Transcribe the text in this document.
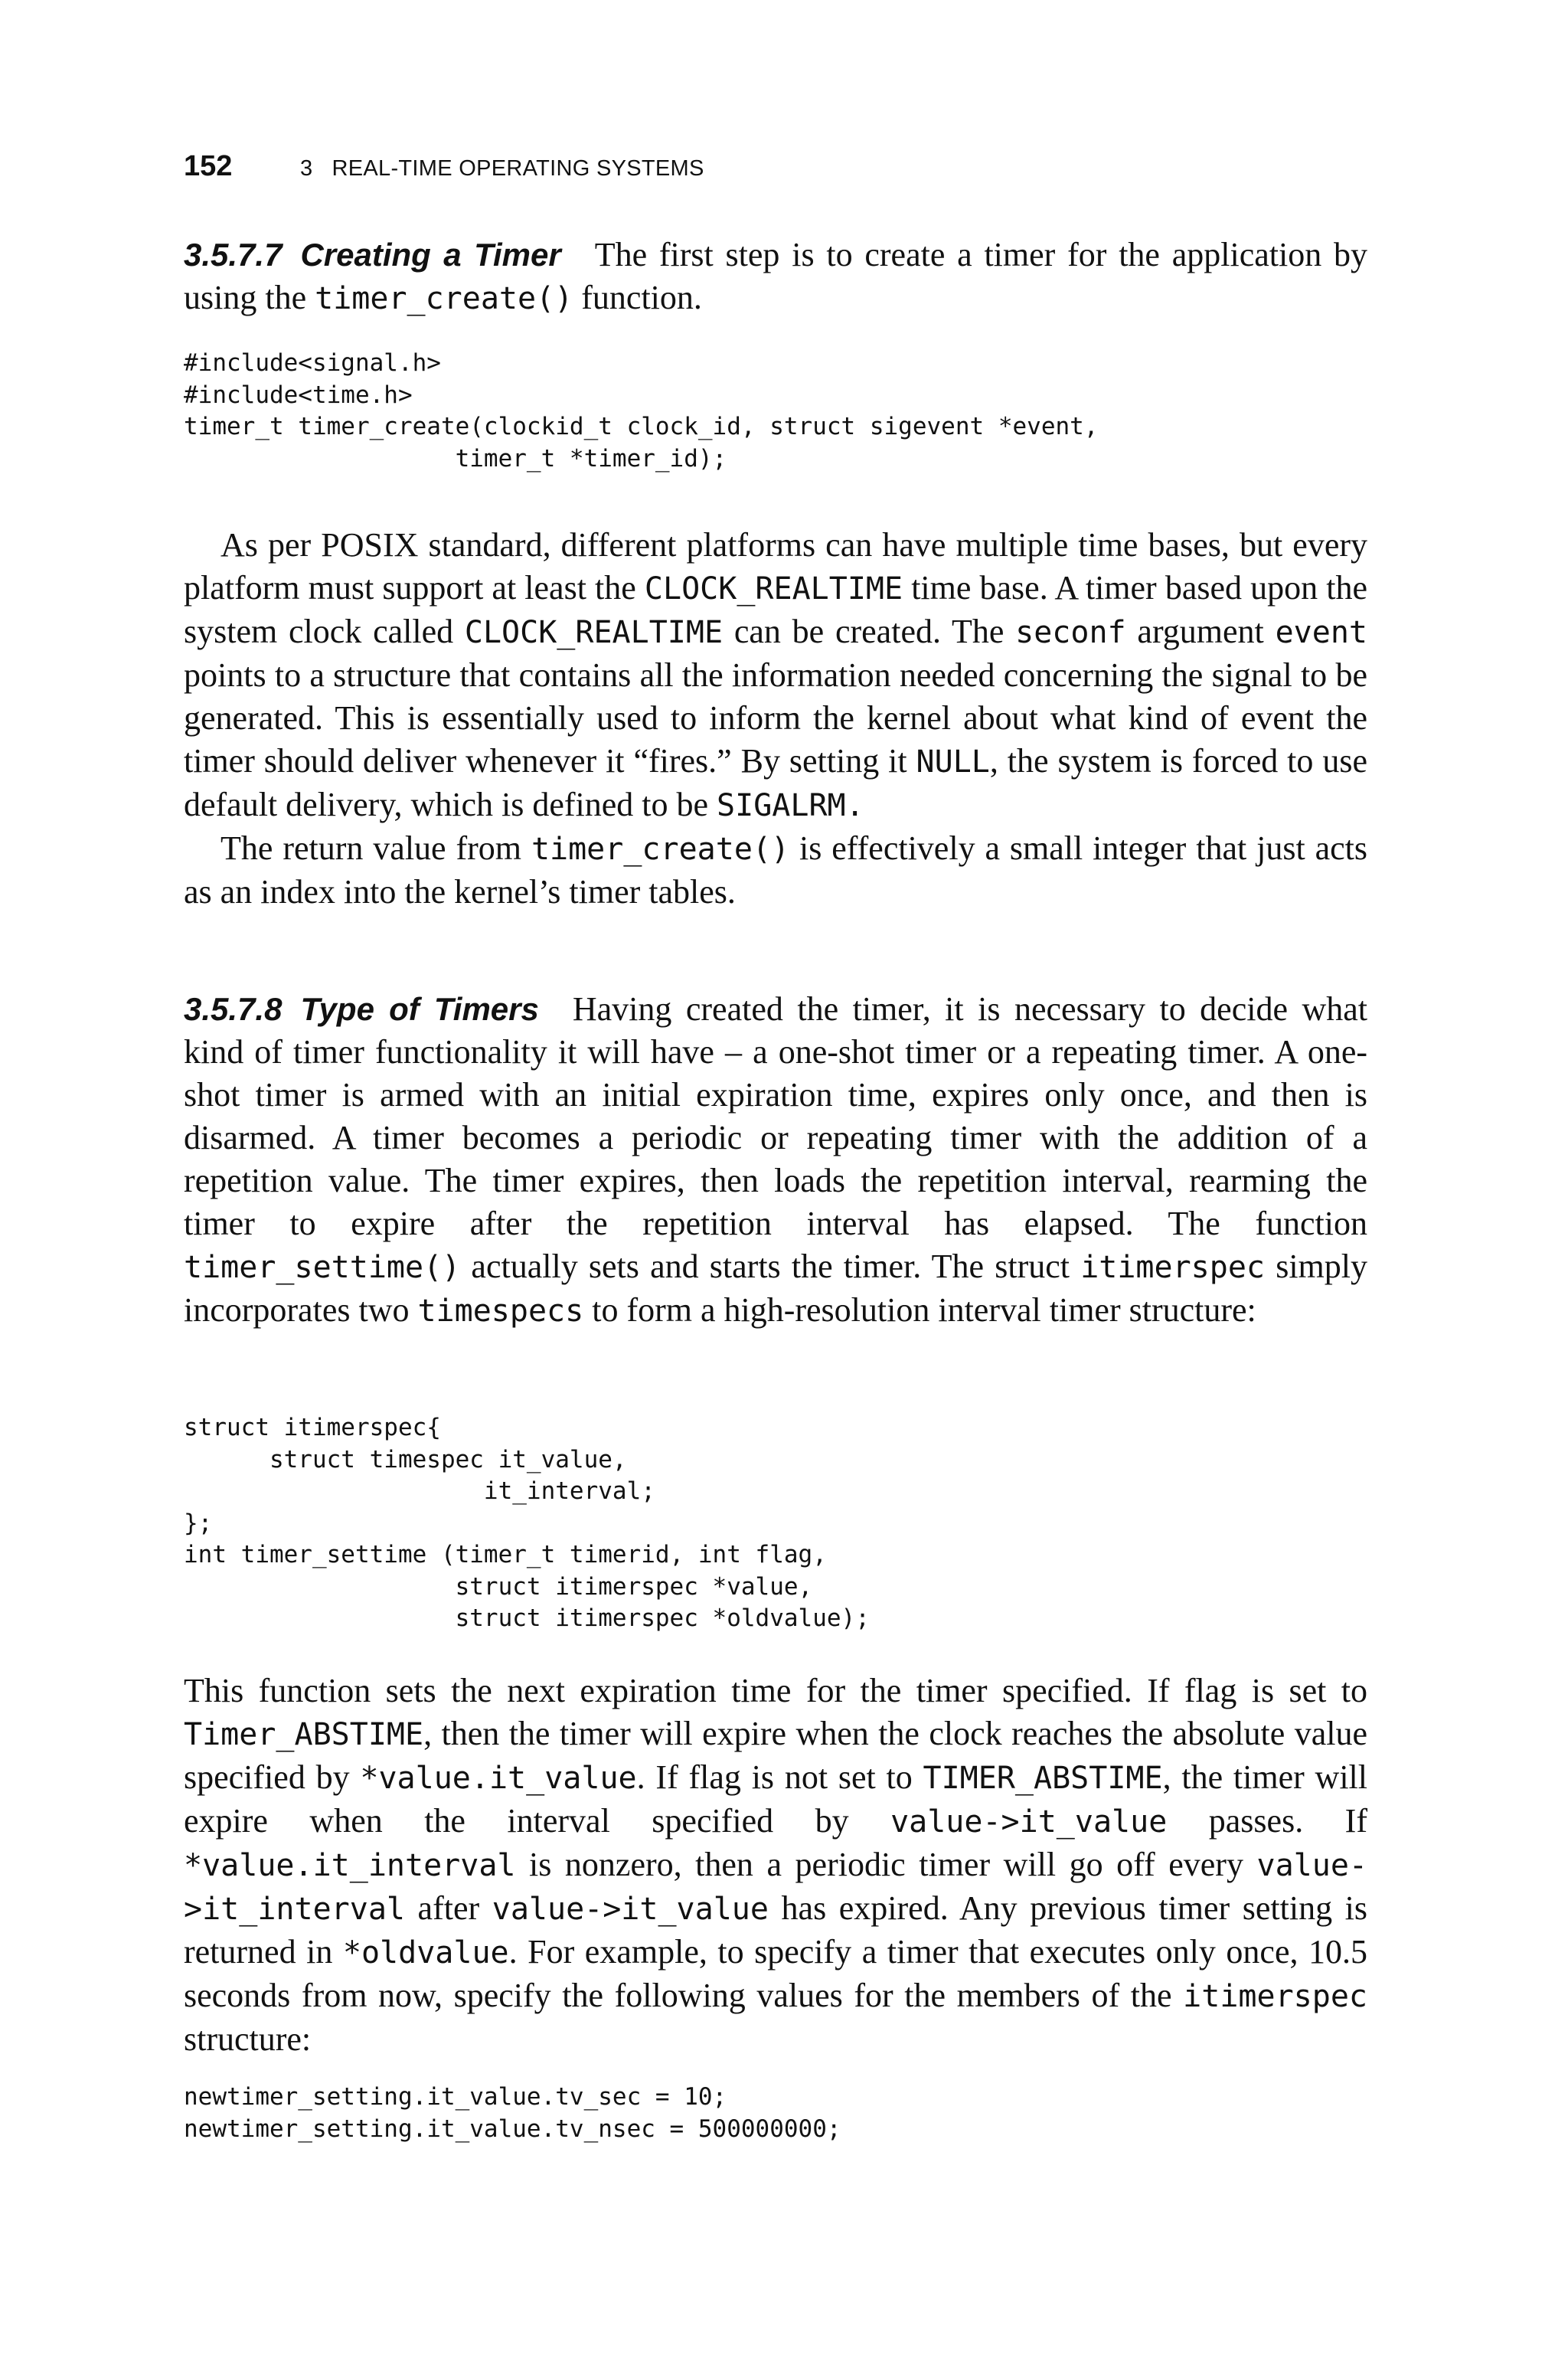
152	3   REAL-TIME OPERATING SYSTEMS

3.5.7.7 Creating a Timer The first step is to create a timer for the application by using the timer_create() function.

#include<signal.h>
#include<time.h>
timer_t timer_create(clockid_t clock_id, struct sigevent *event,
timer_t *timer_id);

As per POSIX standard, different platforms can have multiple time bases, but every platform must support at least the CLOCK_REALTIME time base. A timer based upon the system clock called CLOCK_REALTIME can be created. The seconf argument event points to a structure that contains all the information needed concerning the signal to be generated. This is essentially used to inform the kernel about what kind of event the timer should deliver whenever it “fires.” By setting it NULL, the system is forced to use default delivery, which is defined to be SIGALRM.

The return value from timer_create() is effectively a small integer that just acts as an index into the kernel’s timer tables.

3.5.7.8 Type of Timers Having created the timer, it is necessary to decide what kind of timer functionality it will have – a one-shot timer or a repeating timer. A one-shot timer is armed with an initial expiration time, expires only once, and then is disarmed. A timer becomes a periodic or repeating timer with the addition of a repetition value. The timer expires, then loads the repetition interval, rearming the timer to expire after the repetition interval has elapsed. The function timer_settime() actually sets and starts the timer. The struct itimerspec simply incorporates two timespecs to form a high-resolution interval timer structure:

struct itimerspec{
struct timespec it_value,
it_interval;
};
int timer_settime (timer_t timerid, int flag,
struct itimerspec *value,
struct itimerspec *oldvalue);

This function sets the next expiration time for the timer specified. If flag is set to Timer_ABSTIME, then the timer will expire when the clock reaches the absolute value specified by *value.it_value. If flag is not set to TIMER_ABSTIME, the timer will expire when the interval specified by value->it_value passes. If *value.it_interval is nonzero, then a periodic timer will go off every value->it_interval after value->it_value has expired. Any previous timer setting is returned in *oldvalue. For example, to specify a timer that executes only once, 10.5 seconds from now, specify the following values for the members of the itimerspec structure:

newtimer_setting.it_value.tv_sec = 10;
newtimer_setting.it_value.tv_nsec = 500000000;
